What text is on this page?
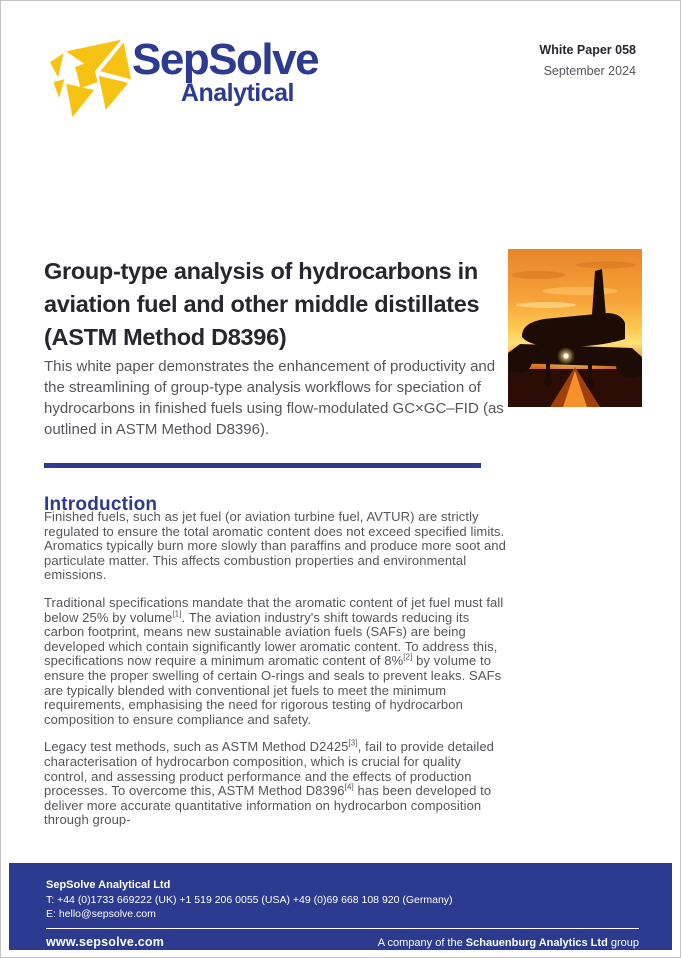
SepSolve
Analytical
White Paper 058
September 2024
Group-type analysis of hydrocarbons in aviation fuel and other middle distillates (ASTM Method D8396)
This white paper demonstrates the enhancement of productivity and the streamlining of group-type analysis workflows for speciation of hydrocarbons in finished fuels using flow-modulated GC×GC–FID (as outlined in ASTM Method D8396).
Introduction

Finished fuels, such as jet fuel (or aviation turbine fuel, AVTUR) are strictly regulated to ensure the total aromatic content does not exceed specified limits. Aromatics typically burn more slowly than paraffins and produce more soot and particulate matter. This affects combustion properties and environmental emissions.

Traditional specifications mandate that the aromatic content of jet fuel must fall below 25% by volume[1]. The aviation industry's shift towards reducing its carbon footprint, means new sustainable aviation fuels (SAFs) are being developed which contain significantly lower aromatic content. To address this, specifications now require a minimum aromatic content of 8%[2] by volume to ensure the proper swelling of certain O-rings and seals to prevent leaks. SAFs are typically blended with conventional jet fuels to meet the minimum requirements, emphasising the need for rigorous testing of hydrocarbon composition to ensure compliance and safety.

Legacy test methods, such as ASTM Method D2425[3], fail to provide detailed characterisation of hydrocarbon composition, which is crucial for quality control, and assessing product performance and the effects of production processes. To overcome this, ASTM Method D8396[4] has been developed to deliver more accurate quantitative information on hydrocarbon composition through group-

SepSolve Analytical Ltd
T: +44 (0)1733 669222 (UK) +1 519 206 0055 (USA) +49 (0)69 668 108 920 (Germany)
E: hello@sepsolve.com
www.sepsolve.com	A company of the Schauenburg Analytics Ltd group
